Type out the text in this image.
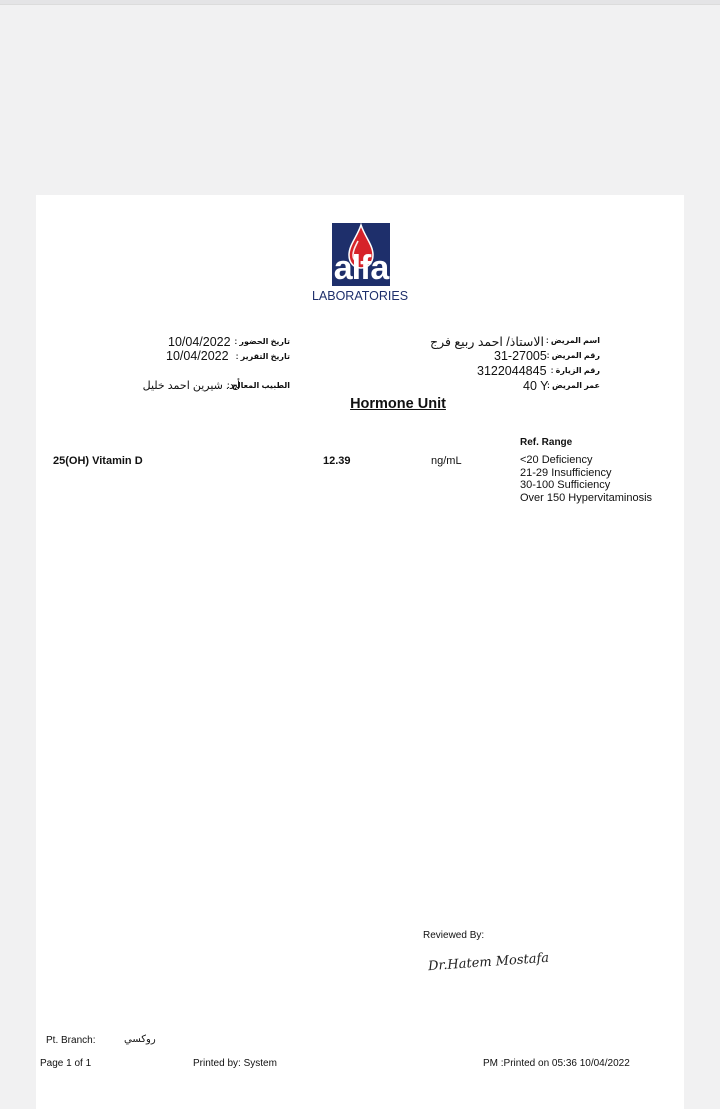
alfa
LABORATORIES
اسم المريض :
الاستاذ/ احمد ربيع فرج
رقم المريض :
31-27005
رقم الزيارة :
3122044845
عمر المريض :
40 Y
تاريخ الحضور :
10/04/2022
تاريخ التقرير :
10/04/2022
الطبيب المعالج :
أ.د. شيرين احمد خليل
Hormone Unit
Ref. Range
25(OH) Vitamin D	12.39	ng/mL	<20 Deficiency
21-29 Insufficiency
30-100 Sufficiency
Over 150 Hypervitaminosis
Reviewed By:
Dr.Hatem Mostafa
Pt. Branch:	روكسي
Page 1 of 1	Printed by: System	PM :Printed on 05:36 10/04/2022
